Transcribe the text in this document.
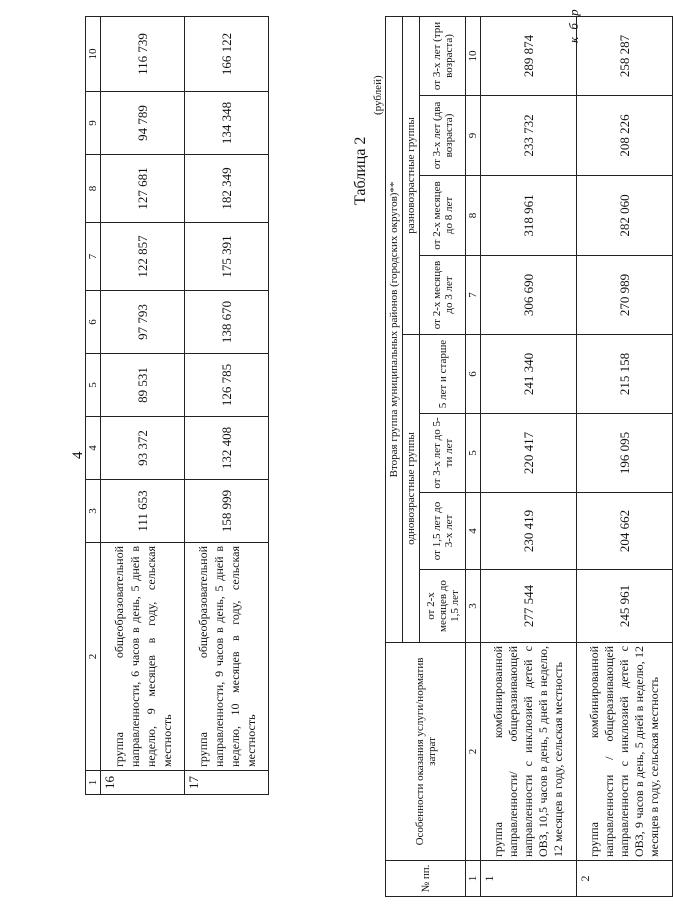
4
1	2	3	4	5	6	7	8	9	10
16	группа общеобразовательной направленности, 6 часов в день, 5 дней в неделю, 9 месяцев в году, сельская местность	111 653	93 372	89 531	97 793	122 857	127 681	94 789	116 739
17	группа общеобразовательной направленности, 9 часов в день, 5 дней в неделю, 10 месяцев в году, сельская местность	158 999	132 408	126 785	138 670	175 391	182 349	134 348	166 122
Таблица 2
(рублей)
к б р
№ пп.	Особенности оказания услуги/норматив затрат	Вторая группа муниципальных районов (городских округов)**							
		одновозрастные группы				разновозрастные группы			
		от 2-х месяцев до 1,5 лет	от 1,5 лет до 3-х лет	от 3-х лет до 5-ти лет	5 лет и старше	от 2-х месяцев до 3 лет	от 2-х месяцев до 8 лет	от 3-х лет (два возраста)	от 3-х лет (три возраста)
1	2	3	4	5	6	7	8	9	10
1	группа комбинированной направленности/ общеразвивающей направленности с инклюзией детей с ОВЗ, 10,5 часов в день, 5 дней в неделю, 12 месяцев в году, сельская местность	277 544	230 419	220 417	241 340	306 690	318 961	233 732	289 874
2	группа комбинированной направленности / общеразвивающей направленности с инклюзией детей с ОВЗ, 9 часов в день, 5 дней в неделю, 12 месяцев в году, сельская местность	245 961	204 662	196 095	215 158	270 989	282 060	208 226	258 287
